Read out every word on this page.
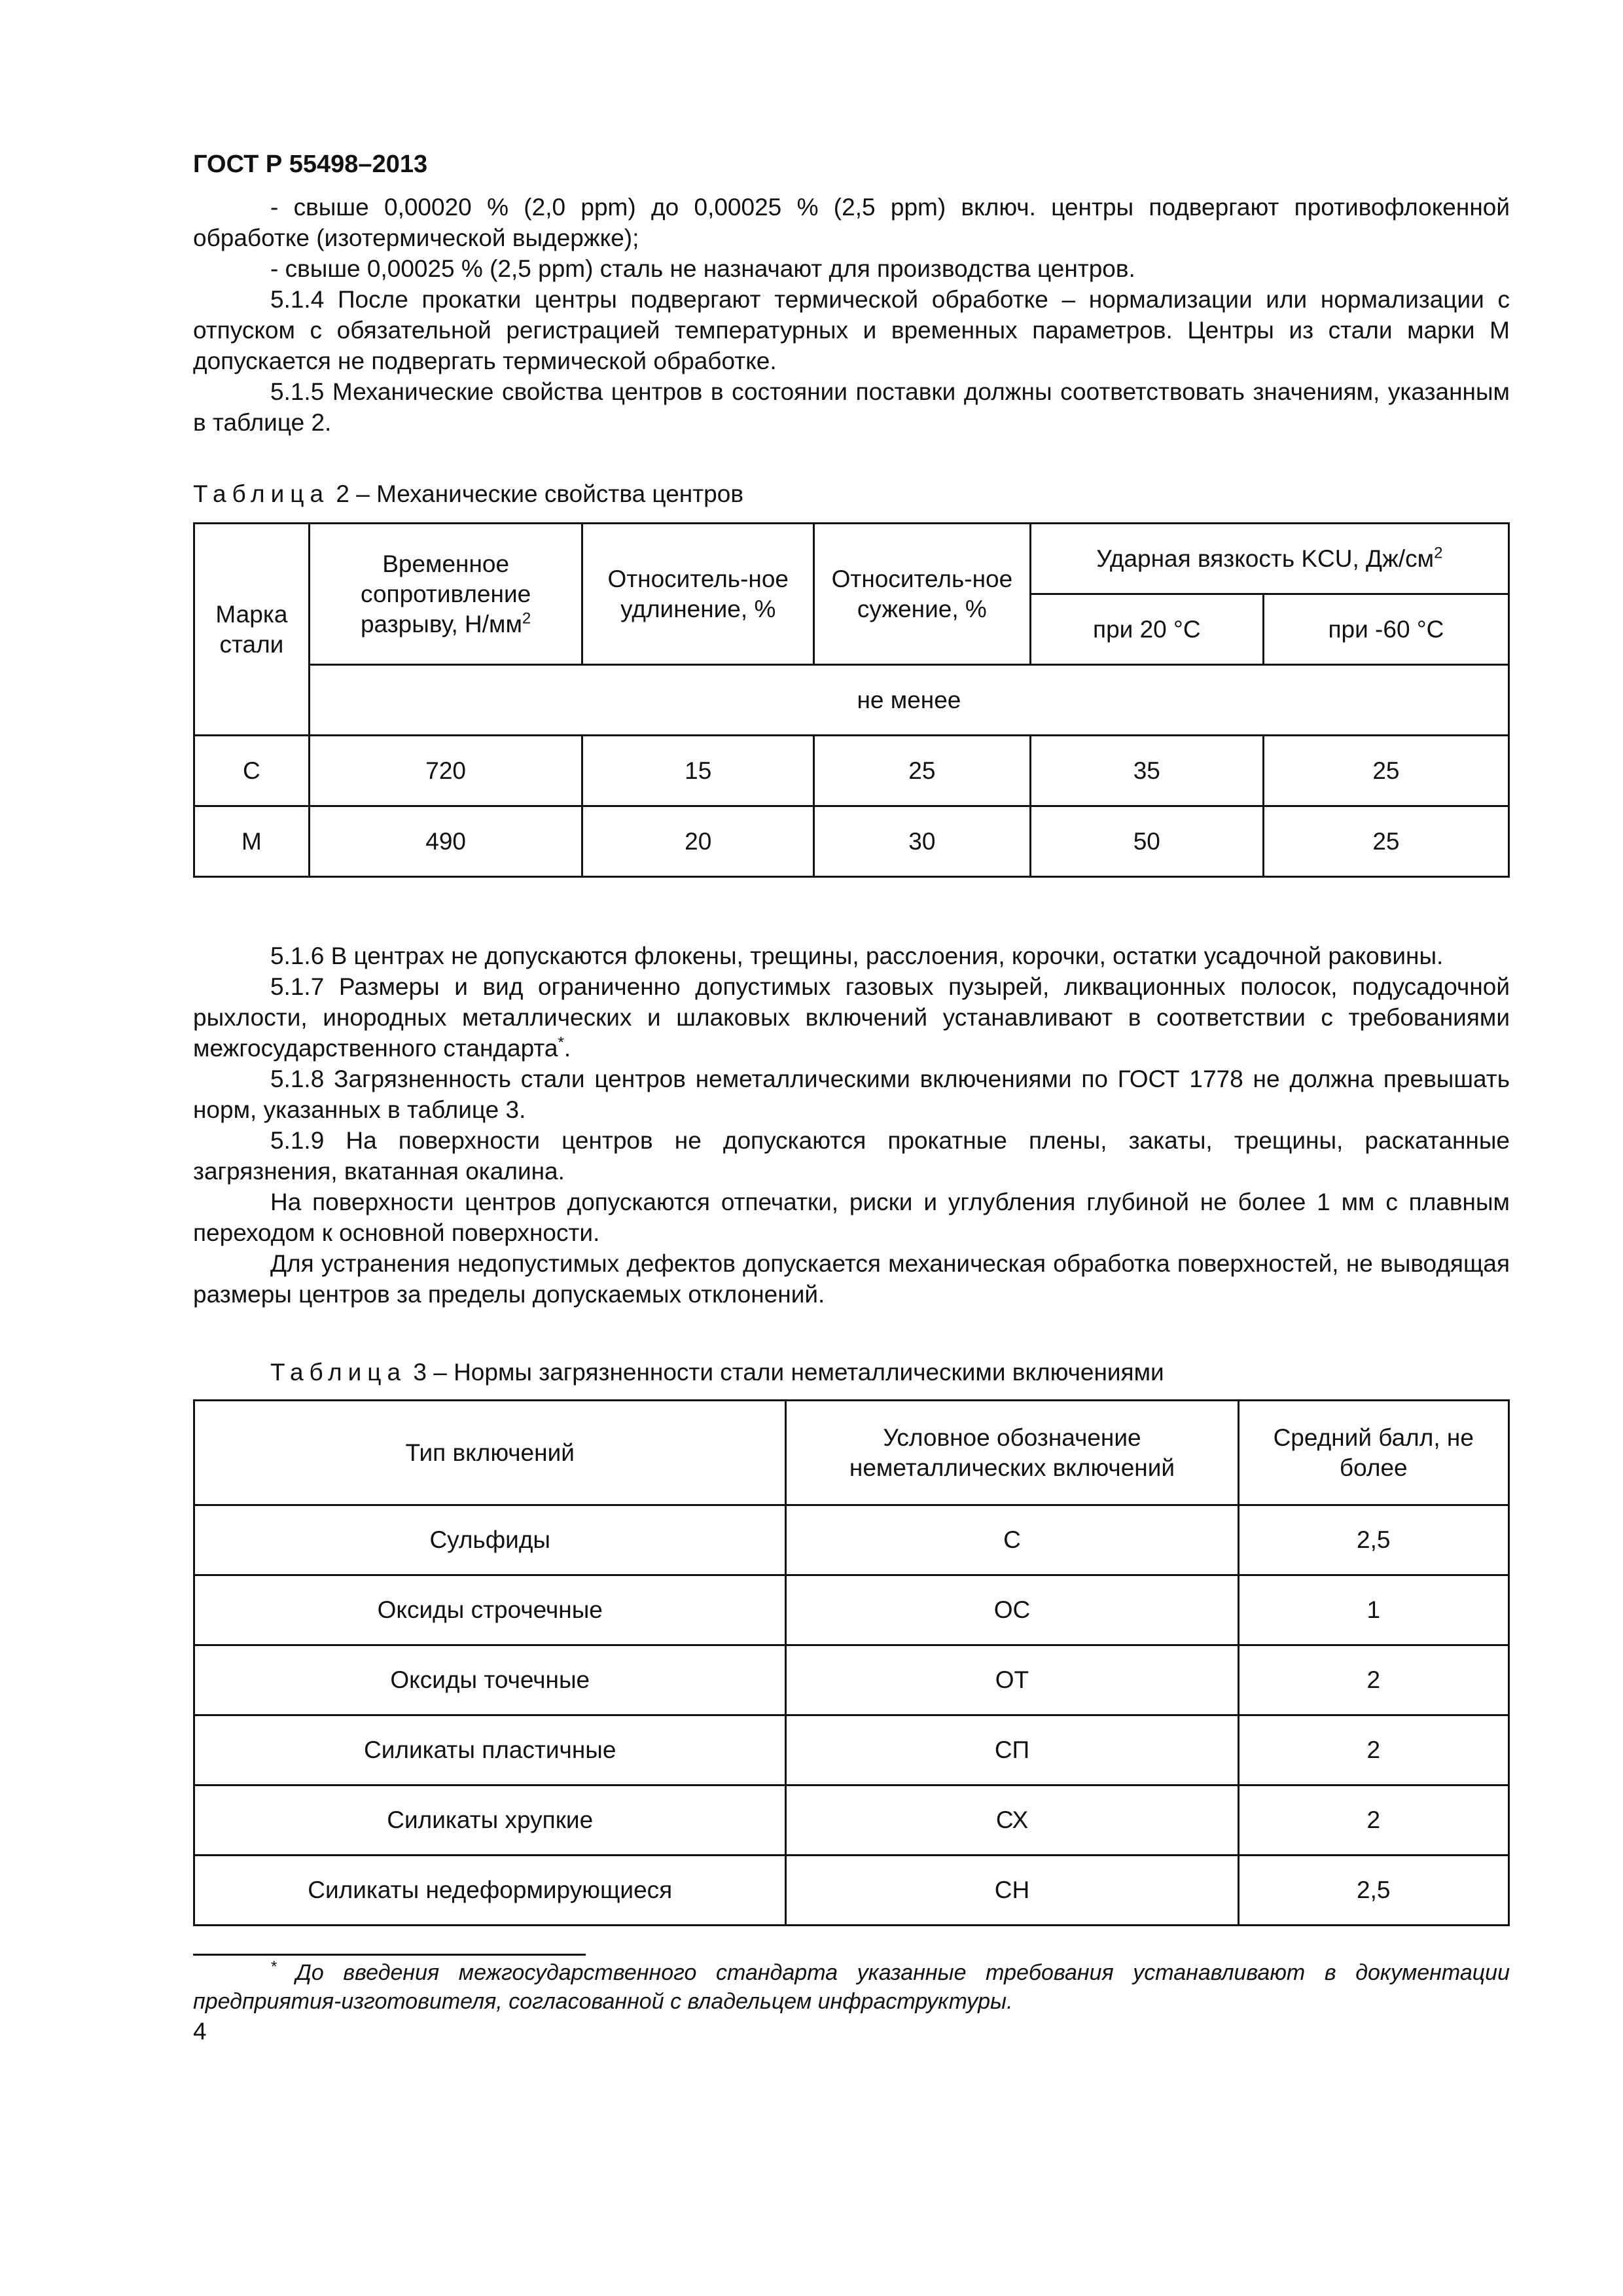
ГОСТ Р 55498–2013

- свыше 0,00020 % (2,0 ppm) до 0,00025 % (2,5 ppm) включ. центры подвергают противофлокенной обработке (изотермической выдержке);

- свыше 0,00025 % (2,5 ppm) сталь не назначают для производства центров.

5.1.4 После прокатки центры подвергают термической обработке – нормализации или нормализации с отпуском с обязательной регистрацией температурных и временных параметров. Центры из стали марки М допускается не подвергать термической обработке.

5.1.5 Механические свойства центров в состоянии поставки должны соответствовать значениям, указанным в таблице 2.

Таблица 2 – Механические свойства центров
Марка стали	Временное сопротивление разрыву, $Н/мм^2$	Относитель-ное удлинение, %	Относитель-ное сужение, %	Ударная вязкость KCU, $Дж/см^2$
				при 20 °С	при -60 °С
	не менее				
С	720	15	25	35	25
М	490	20	30	50	25

5.1.6 В центрах не допускаются флокены, трещины, расслоения, корочки, остатки усадочной раковины.

5.1.7 Размеры и вид ограниченно допустимых газовых пузырей, ликвационных полосок, подусадочной рыхлости, инородных металлических и шлаковых включений устанавливают в соответствии с требованиями межгосударственного стандарта*.

5.1.8 Загрязненность стали центров неметаллическими включениями по ГОСТ 1778 не должна превышать норм, указанных в таблице 3.

5.1.9 На поверхности центров не допускаются прокатные плены, закаты, трещины, раскатанные загрязнения, вкатанная окалина.

На поверхности центров допускаются отпечатки, риски и углубления глубиной не более 1 мм с плавным переходом к основной поверхности.

Для устранения недопустимых дефектов допускается механическая обработка поверхностей, не выводящая размеры центров за пределы допускаемых отклонений.

Таблица 3 – Нормы загрязненности стали неметаллическими включениями
Тип включений	Условное обозначение неметаллических включений	Средний балл, не более
Сульфиды	С	2,5
Оксиды строчечные	ОС	1
Оксиды точечные	ОТ	2
Силикаты пластичные	СП	2
Силикаты хрупкие	СХ	2
Силикаты недеформирующиеся	СН	2,5
* До введения межгосударственного стандарта указанные требования устанавливают в документации предприятия-изготовителя, согласованной с владельцем инфраструктуры.
4
